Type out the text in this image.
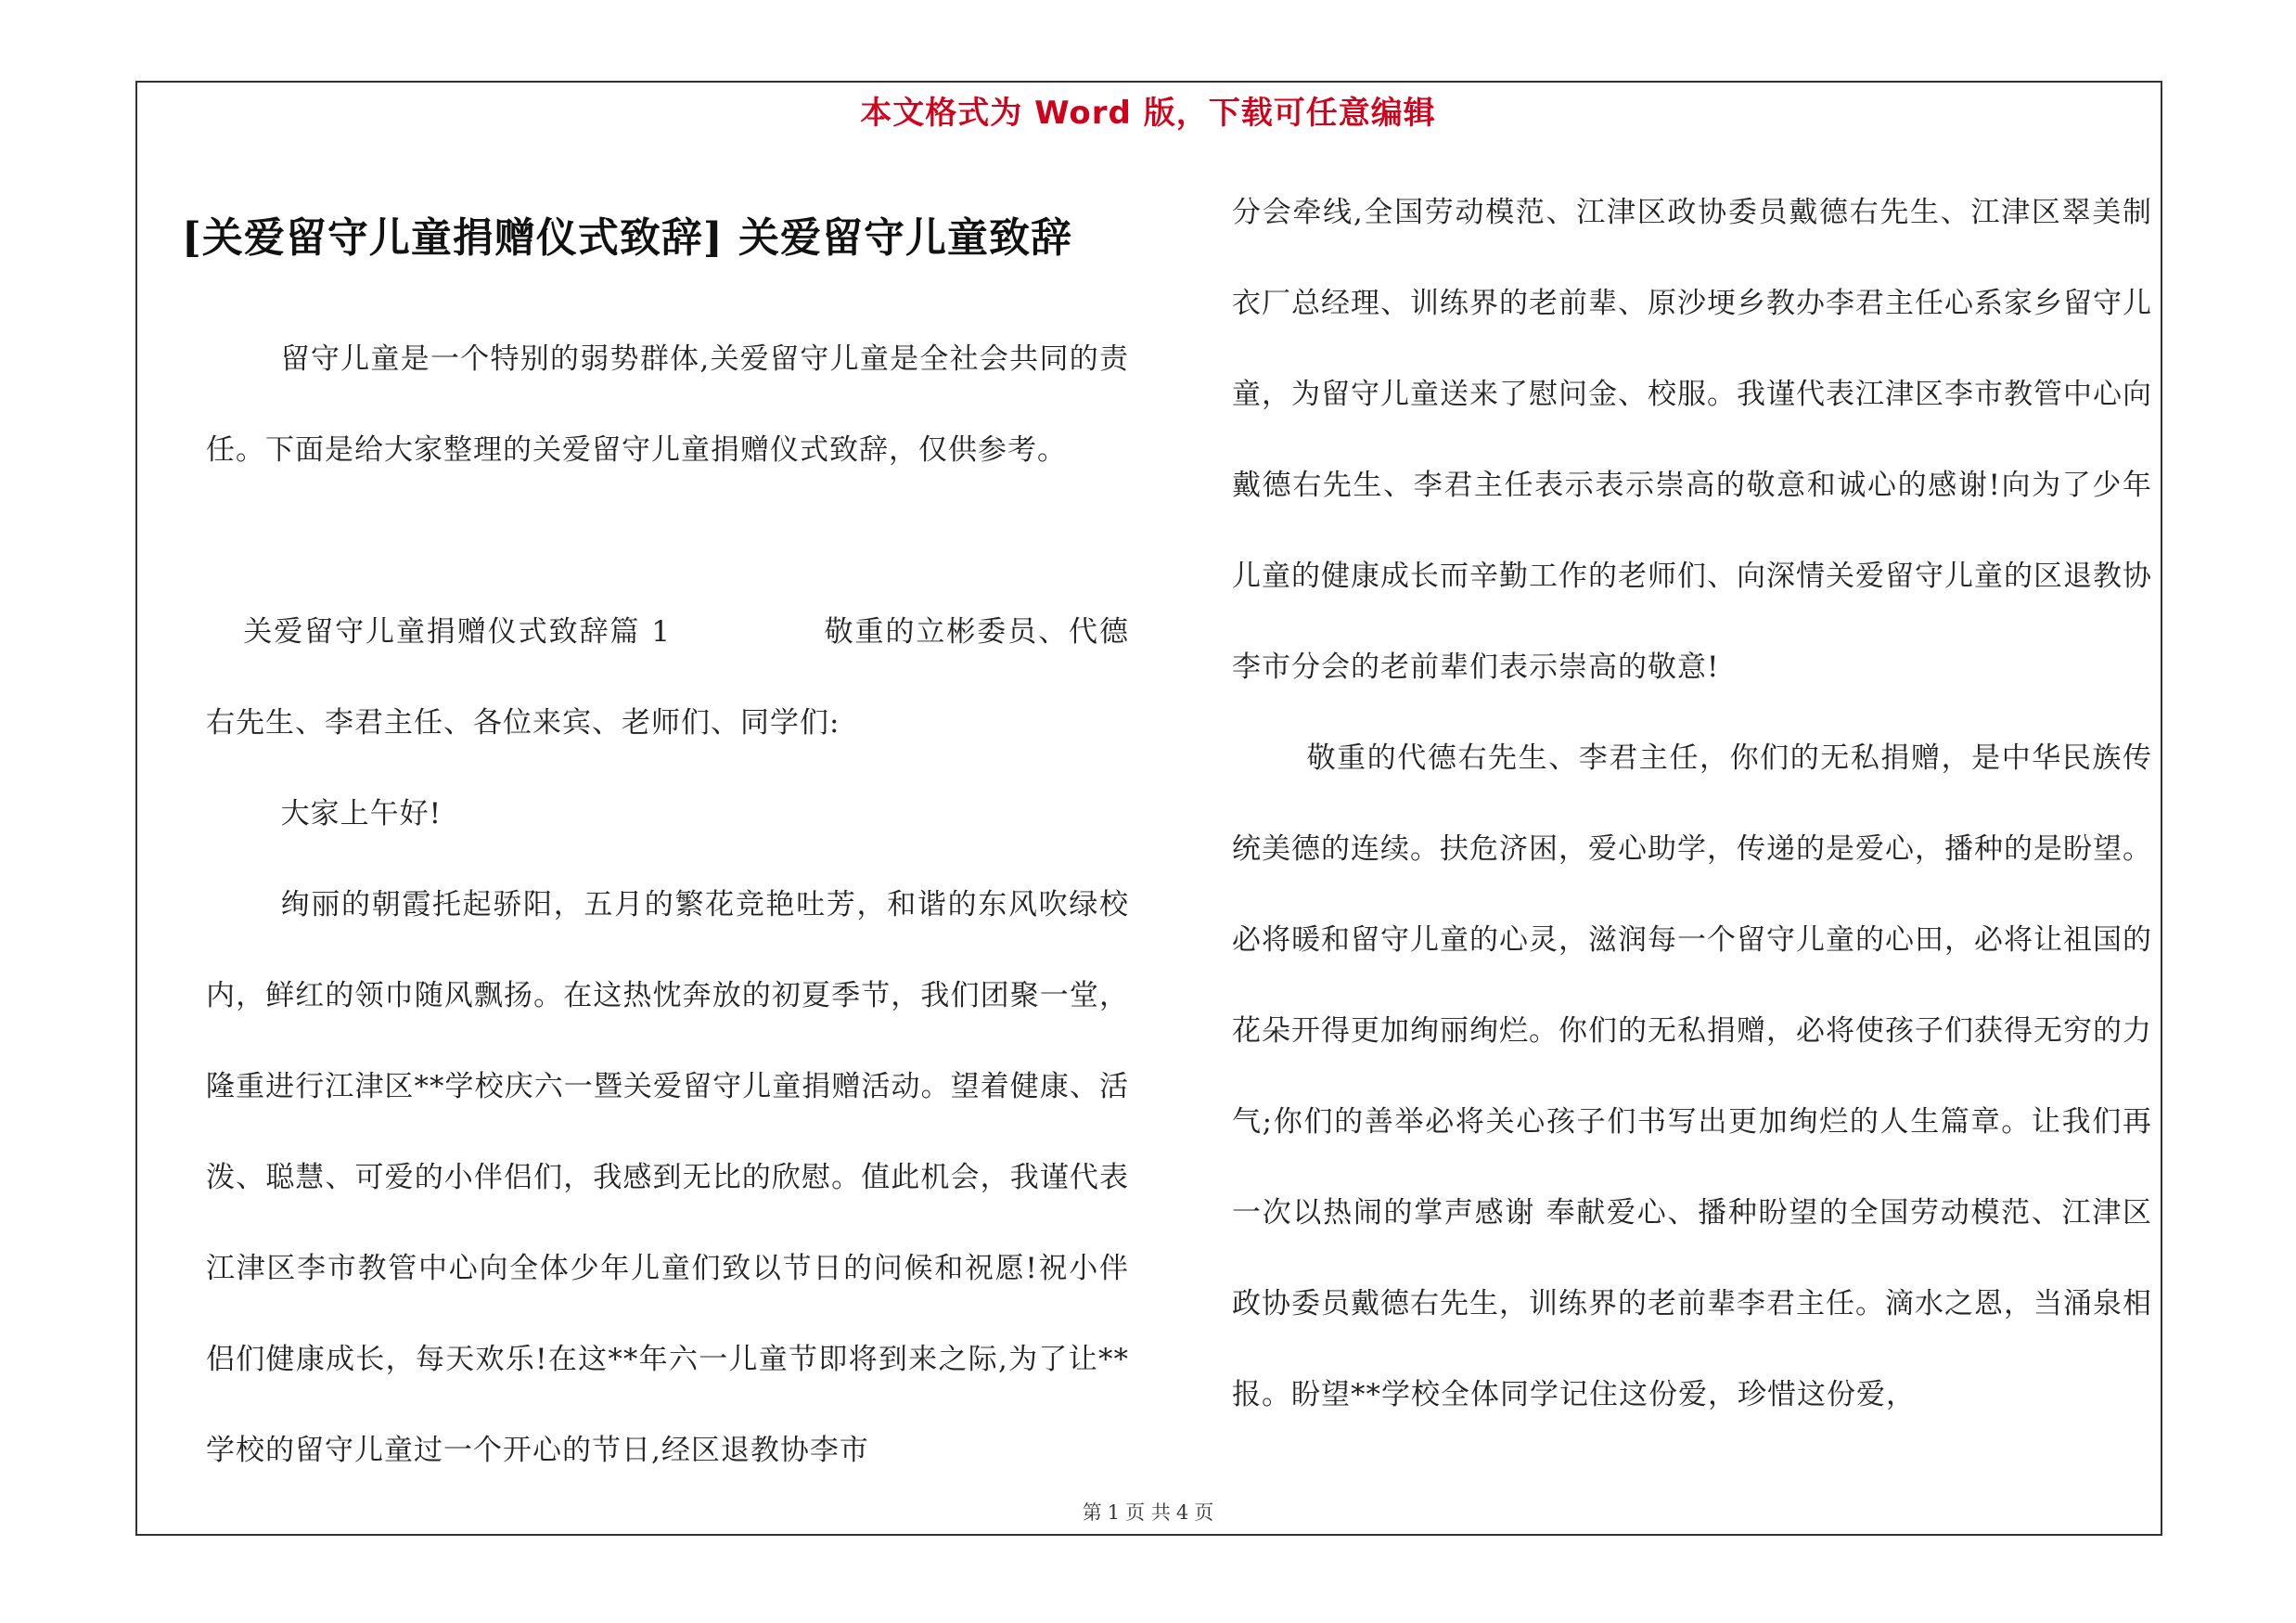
本文格式为 Word 版，下载可任意编辑
[关爱留守儿童捐赠仪式致辞] 关爱留守儿童致辞

留守儿童是一个特别的弱势群体,关爱留守儿童是全社会共同的责任。下面是给大家整理的关爱留守儿童捐赠仪式致辞，仅供参考。

关爱留守儿童捐赠仪式致辞篇 1　　　　　敬重的立彬委员、代德右先生、李君主任、各位来宾、老师们、同学们:

大家上午好!

绚丽的朝霞托起骄阳，五月的繁花竞艳吐芳，和谐的东风吹绿校内，鲜红的领巾随风飘扬。在这热忱奔放的初夏季节，我们团聚一堂，隆重进行江津区**学校庆六一暨关爱留守儿童捐赠活动。望着健康、活泼、聪慧、可爱的小伴侣们，我感到无比的欣慰。值此机会，我谨代表江津区李市教管中心向全体少年儿童们致以节日的问候和祝愿!祝小伴侣们健康成长，每天欢乐!在这**年六一儿童节即将到来之际,为了让**学校的留守儿童过一个开心的节日,经区退教协李市

分会牵线,全国劳动模范、江津区政协委员戴德右先生、江津区翠美制衣厂总经理、训练界的老前辈、原沙埂乡教办李君主任心系家乡留守儿童，为留守儿童送来了慰问金、校服。我谨代表江津区李市教管中心向戴德右先生、李君主任表示表示崇高的敬意和诚心的感谢!向为了少年儿童的健康成长而辛勤工作的老师们、向深情关爱留守儿童的区退教协李市分会的老前辈们表示崇高的敬意!

敬重的代德右先生、李君主任，你们的无私捐赠，是中华民族传统美德的连续。扶危济困，爱心助学，传递的是爱心，播种的是盼望。必将暖和留守儿童的心灵，滋润每一个留守儿童的心田，必将让祖国的花朵开得更加绚丽绚烂。你们的无私捐赠，必将使孩子们获得无穷的力气;你们的善举必将关心孩子们书写出更加绚烂的人生篇章。让我们再一次以热闹的掌声感谢 奉献爱心、播种盼望的全国劳动模范、江津区政协委员戴德右先生，训练界的老前辈李君主任。滴水之恩，当涌泉相报。盼望**学校全体同学记住这份爱，珍惜这份爱，

第 1 页 共 4 页
